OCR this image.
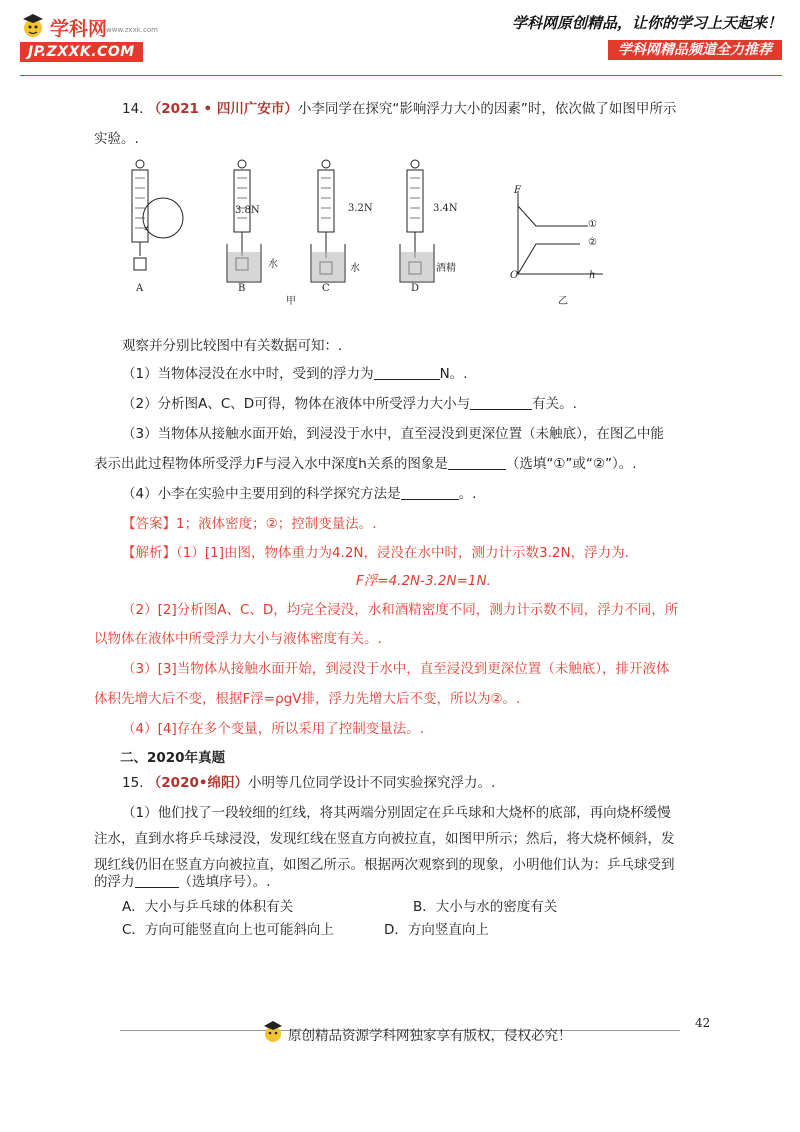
学科网
www.zxxk.com
JP.ZXXK.COM
学科网原创精品，让你的学习上天起来！
学科网精品频道全力推荐
14. （2021 • 四川广安市）小李同学在探究“影响浮力大小的因素”时，依次做了如图甲所示
实验。.
3.8N	3.2N	3.4N
水	水	酒精
A	B	C	D
甲
F
h
O
①
②
乙
观察并分别比较图中有关数据可知：.
（1）当物体浸没在水中时，受到的浮力为	N。.
（2）分析图A、C、D可得，物体在液体中所受浮力大小与	有关。.
（3）当物体从接触水面开始，到浸没于水中，直至浸没到更深位置（未触底），在图乙中能
表示出此过程物体所受浮力F与浸入水中深度h关系的图象是	（选填“①”或“②”）。.
（4）小李在实验中主要用到的科学探究方法是	。.
【答案】1；液体密度；②；控制变量法。.
【解析】（1）[1]由图，物体重力为4.2N，浸没在水中时，测力计示数3.2N，浮力为.
F浮=4.2N-3.2N=1N.
（2）[2]分析图A、C、D，均完全浸没，水和酒精密度不同，测力计示数不同，浮力不同，所
以物体在液体中所受浮力大小与液体密度有关。.
（3）[3]当物体从接触水面开始，到浸没于水中，直至浸没到更深位置（未触底），排开液体
体积先增大后不变，根据F浮=ρgV排，浮力先增大后不变，所以为②。.
（4）[4]存在多个变量，所以采用了控制变量法。.
二、2020年真题
15. （2020•绵阳）小明等几位同学设计不同实验探究浮力。.
（1）他们找了一段较细的红线，将其两端分别固定在乒乓球和大烧杯的底部，再向烧杯缓慢
注水，直到水将乒乓球浸没，发现红线在竖直方向被拉直，如图甲所示；然后，将大烧杯倾斜，发
现红线仍旧在竖直方向被拉直，如图乙所示。根据两次观察到的现象，小明他们认为：乒乓球受到
的浮力	（选填序号）。.
A．大小与乒乓球的体积有关	B．大小与水的密度有关
C．方向可能竖直向上也可能斜向上	D．方向竖直向上
42
原创精品资源学科网独家享有版权，侵权必究！
